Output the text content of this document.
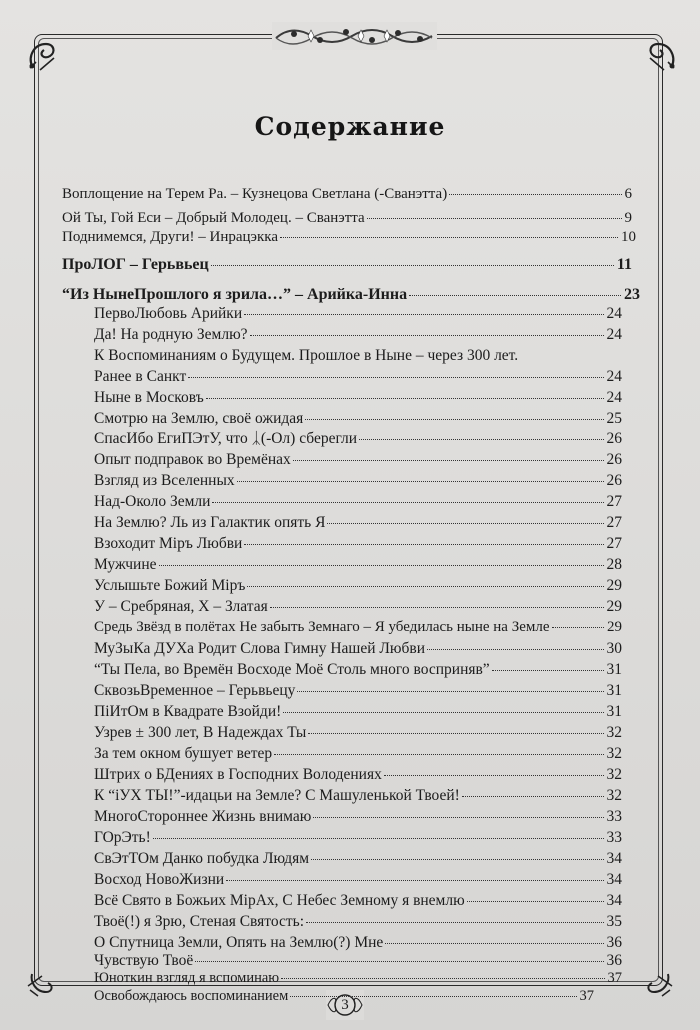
3
Содержание
Воплощение на Терем Ра. – Кузнецова Светлана (-Сванэтта)	6
Ой Ты, Гой Еси – Добрый Молодец. – Сванэтта	9
Поднимемся, Други! – Инрацэкка	10
ПроЛОГ – Герьвьец	11
“Из НынеПрошлого я зрила…” – Арийка-Инна	23
ПервоЛюбовь Арийки	24
Да! На родную Землю?	24
К Воспоминаниям о Будущем. Прошлое в Ныне – через 300 лет.
Ранее в Санкт	24
Ныне в Московъ	24
Смотрю на Землю, своё ожидая	25
СпасИбо ЕгиПЭтУ, что ᛣ(-Ол) сберегли	26
Опыт подправок во Времёнах	26
Взгляд из Вселенных	26
Над-Около Земли	27
На Землю? Ль из Галактик опять Я	27
Взоходит Міръ Любви	27
Мужчине	28
Услышьте Божий Міръ	29
У – Сребряная, Х – Златая	29
Средь Звёзд в полётах Не забыть Земнаго – Я убедилась ныне на Земле	29
МуЗыКа ДУХа Родит Слова Гимну Нашей Любви	30
“Ты Пела, во Времён Восходе Моё Столь много восприняв”	31
СквозьВременное – Герьвьецу	31
ПіИтОм в Квадрате Взойди!	31
Узрев ± 300 лет, В Надеждах Ты	32
За тем окном бушует ветер	32
Штрих о БДениях в Господних Володениях	32
К “іУХ ТЫ!”-идацьи на Земле? С Машуленькой Твоей!	32
МногоСтороннее Жизнь внимаю	33
ГОрЭть!	33
СвЭтТОм Данко побудка Людям	34
Восход НовоЖизни	34
Всё Свято в Божьих МірАх, С Небес Земному я внемлю	34
Твоё(!) я Зрю, Стеная Святость:	35
О Спутница Земли, Опять на Землю(?) Мне	36
Чувствую Твоё	36
Юноткин взгляд я вспоминаю	37
Освобождаюсь воспоминанием	37
